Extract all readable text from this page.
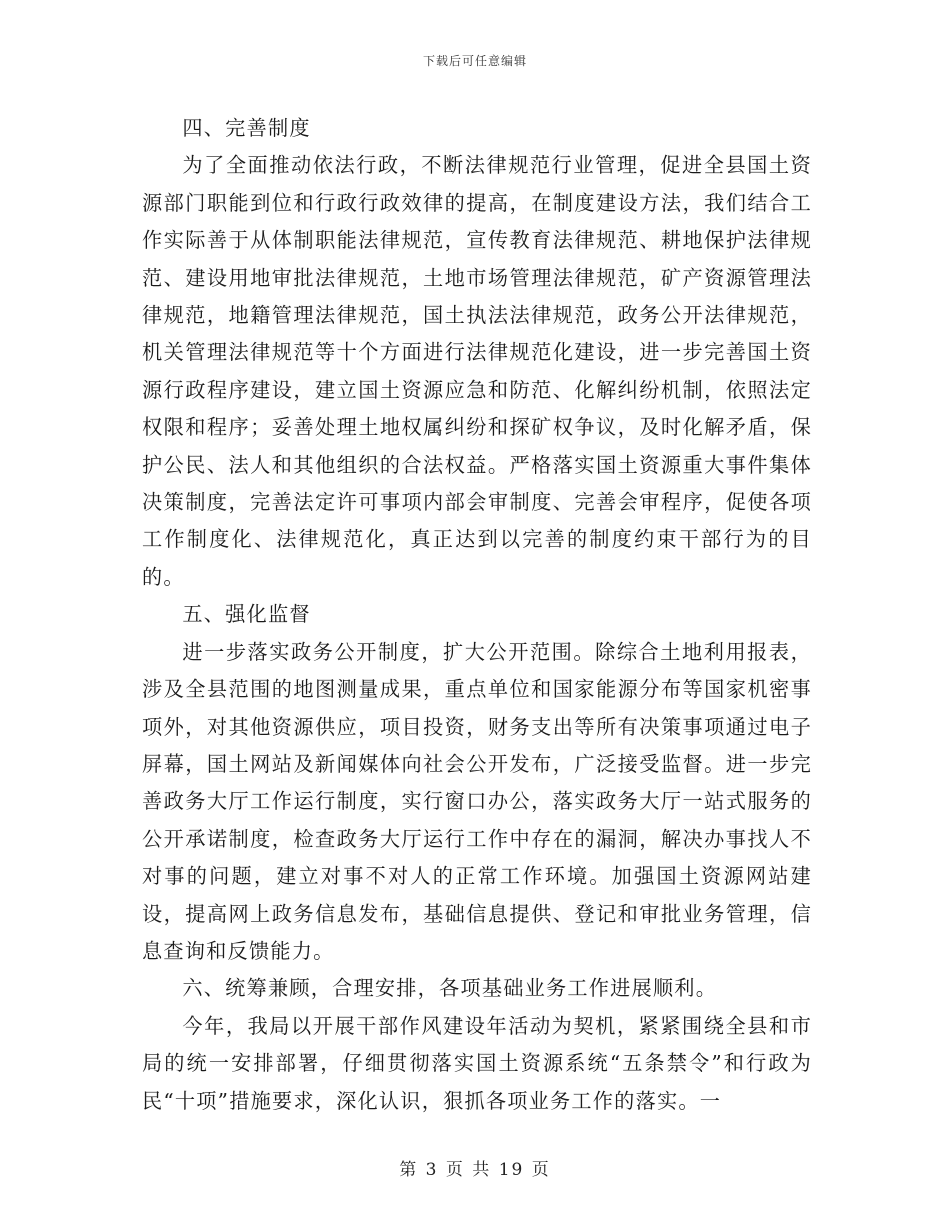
下载后可任意编辑

四、完善制度

为了全面推动依法行政，不断法律规范行业管理，促进全县国土资源部门职能到位和行政行政效律的提高，在制度建设方法，我们结合工作实际善于从体制职能法律规范，宣传教育法律规范、耕地保护法律规范、建设用地审批法律规范，土地市场管理法律规范，矿产资源管理法律规范，地籍管理法律规范，国土执法法律规范，政务公开法律规范，机关管理法律规范等十个方面进行法律规范化建设，进一步完善国土资源行政程序建设，建立国土资源应急和防范、化解纠纷机制，依照法定权限和程序；妥善处理土地权属纠纷和探矿权争议，及时化解矛盾，保护公民、法人和其他组织的合法权益。严格落实国土资源重大事件集体决策制度，完善法定许可事项内部会审制度、完善会审程序，促使各项工作制度化、法律规范化，真正达到以完善的制度约束干部行为的目的。

五、强化监督

进一步落实政务公开制度，扩大公开范围。除综合土地利用报表，涉及全县范围的地图测量成果，重点单位和国家能源分布等国家机密事项外，对其他资源供应，项目投资，财务支出等所有决策事项通过电子屏幕，国土网站及新闻媒体向社会公开发布，广泛接受监督。进一步完善政务大厅工作运行制度，实行窗口办公，落实政务大厅一站式服务的公开承诺制度，检查政务大厅运行工作中存在的漏洞，解决办事找人不对事的问题，建立对事不对人的正常工作环境。加强国土资源网站建设，提高网上政务信息发布，基础信息提供、登记和审批业务管理，信息查询和反馈能力。

六、统筹兼顾，合理安排，各项基础业务工作进展顺利。

今年，我局以开展干部作风建设年活动为契机，紧紧围绕全县和市局的统一安排部署，仔细贯彻落实国土资源系统“五条禁令”和行政为民“十项”措施要求，深化认识，狠抓各项业务工作的落实。一

第 3 页 共 19 页
